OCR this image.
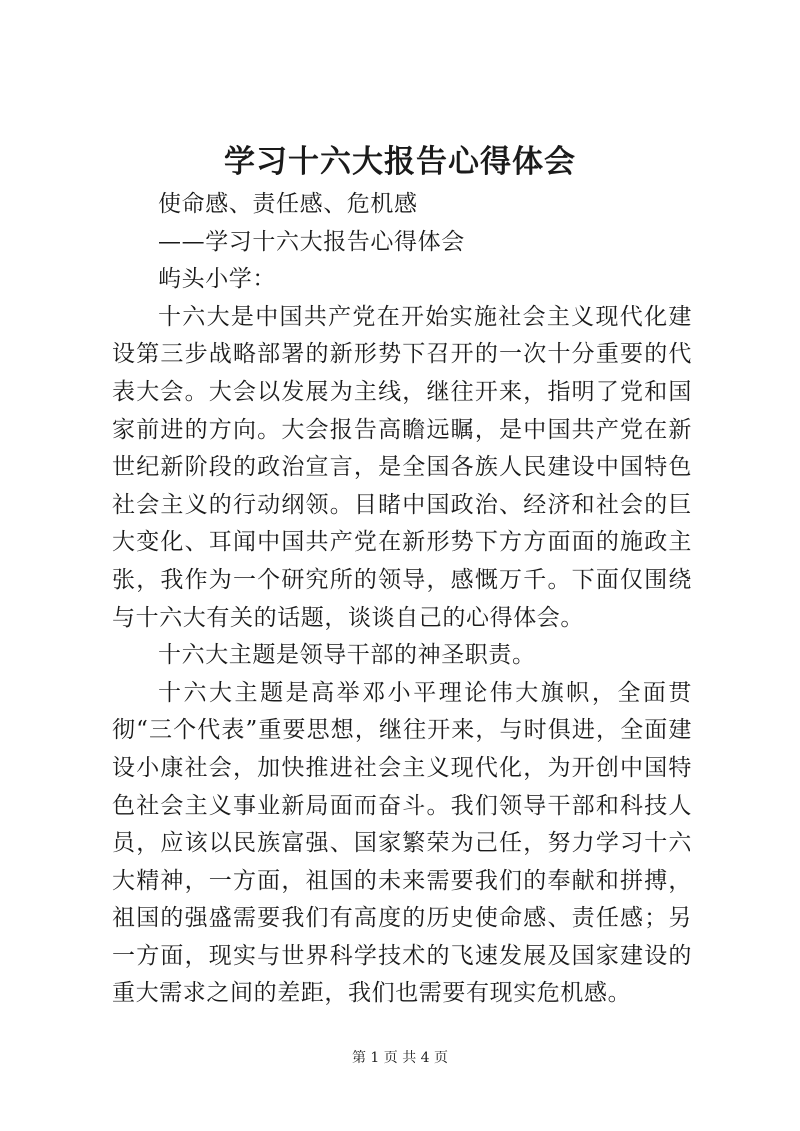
学习十六大报告心得体会

使命感、责任感、危机感

——学习十六大报告心得体会

屿头小学：

十六大是中国共产党在开始实施社会主义现代化建设第三步战略部署的新形势下召开的一次十分重要的代表大会。大会以发展为主线，继往开来，指明了党和国家前进的方向。大会报告高瞻远瞩，是中国共产党在新世纪新阶段的政治宣言，是全国各族人民建设中国特色社会主义的行动纲领。目睹中国政治、经济和社会的巨大变化、耳闻中国共产党在新形势下方方面面的施政主张，我作为一个研究所的领导，感慨万千。下面仅围绕与十六大有关的话题，谈谈自己的心得体会。

十六大主题是领导干部的神圣职责。

十六大主题是高举邓小平理论伟大旗帜，全面贯彻“三个代表”重要思想，继往开来，与时俱进，全面建设小康社会，加快推进社会主义现代化，为开创中国特色社会主义事业新局面而奋斗。我们领导干部和科技人员，应该以民族富强、国家繁荣为己任，努力学习十六大精神，一方面，祖国的未来需要我们的奉献和拼搏，祖国的强盛需要我们有高度的历史使命感、责任感；另一方面，现实与世界科学技术的飞速发展及国家建设的重大需求之间的差距，我们也需要有现实危机感。

第 1 页 共 4 页
